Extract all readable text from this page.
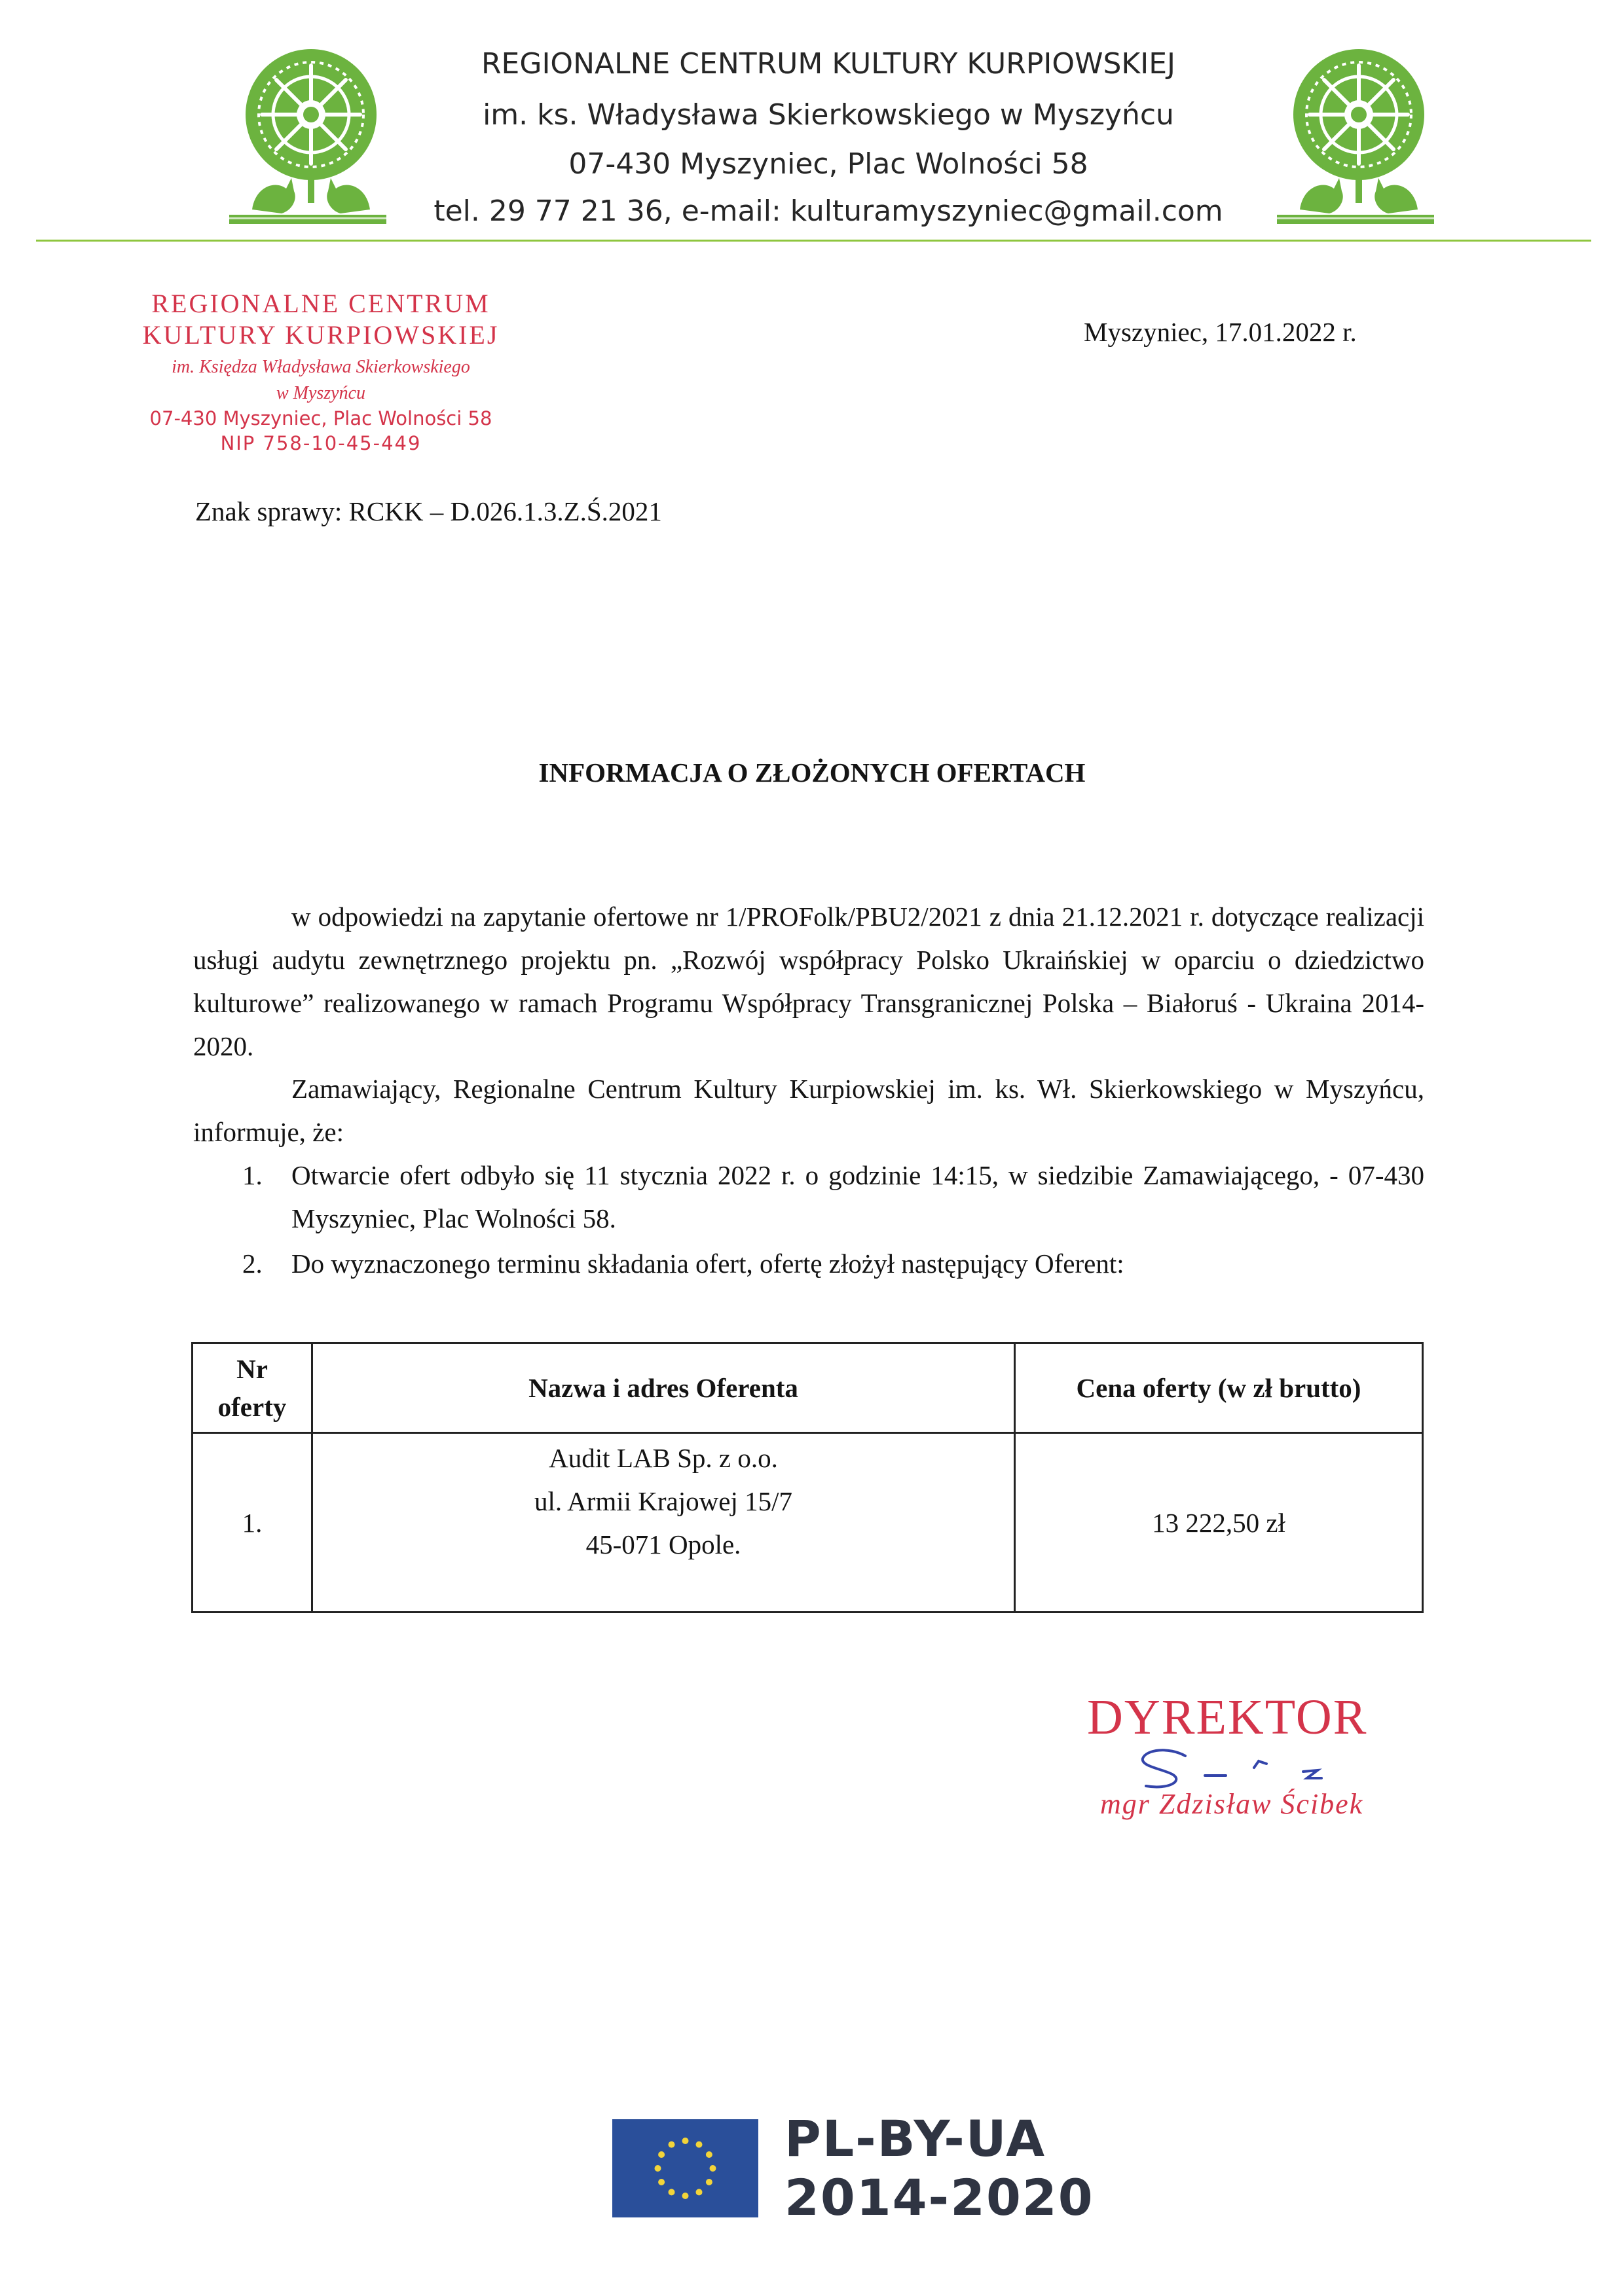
REGIONALNE CENTRUM KULTURY KURPIOWSKIEJ
im. ks. Władysława Skierkowskiego w Myszyńcu
07-430 Myszyniec, Plac Wolności 58
tel. 29 77 21 36, e-mail: kulturamyszyniec@gmail.com
REGIONALNE CENTRUM
KULTURY KURPIOWSKIEJ
im. Księdza Władysława Skierkowskiego
w Myszyńcu
07-430 Myszyniec, Plac Wolności 58
NIP 758-10-45-449
Myszyniec, 17.01.2022 r.
Znak sprawy: RCKK – D.026.1.3.Z.Ś.2021
INFORMACJA O ZŁOŻONYCH OFERTACH
w odpowiedzi na zapytanie ofertowe nr 1/PROFolk/PBU2/2021 z dnia 21.12.2021 r. dotyczące realizacji usługi audytu zewnętrznego projektu pn. „Rozwój współpracy Polsko Ukraińskiej w oparciu o dziedzictwo kulturowe” realizowanego w ramach Programu Współpracy Transgranicznej Polska – Białoruś - Ukraina 2014-2020.
Zamawiający, Regionalne Centrum Kultury Kurpiowskiej im. ks. Wł. Skierkowskiego w Myszyńcu, informuje, że:
1. Otwarcie ofert odbyło się 11 stycznia 2022 r. o godzinie 14:15, w siedzibie Zamawiającego, - 07-430 Myszyniec, Plac Wolności 58.
2. Do wyznaczonego terminu składania ofert, ofertę złożył następujący Oferent:
Nr
oferty	Nazwa i adres Oferenta	Cena oferty (w zł brutto)
1.	Audit LAB Sp. z o.o.
ul. Armii Krajowej 15/7
45-071 Opole.	13 222,50 zł
DYREKTOR
mgr Zdzisław Ścibek
PL-BY-UA
2014-2020
